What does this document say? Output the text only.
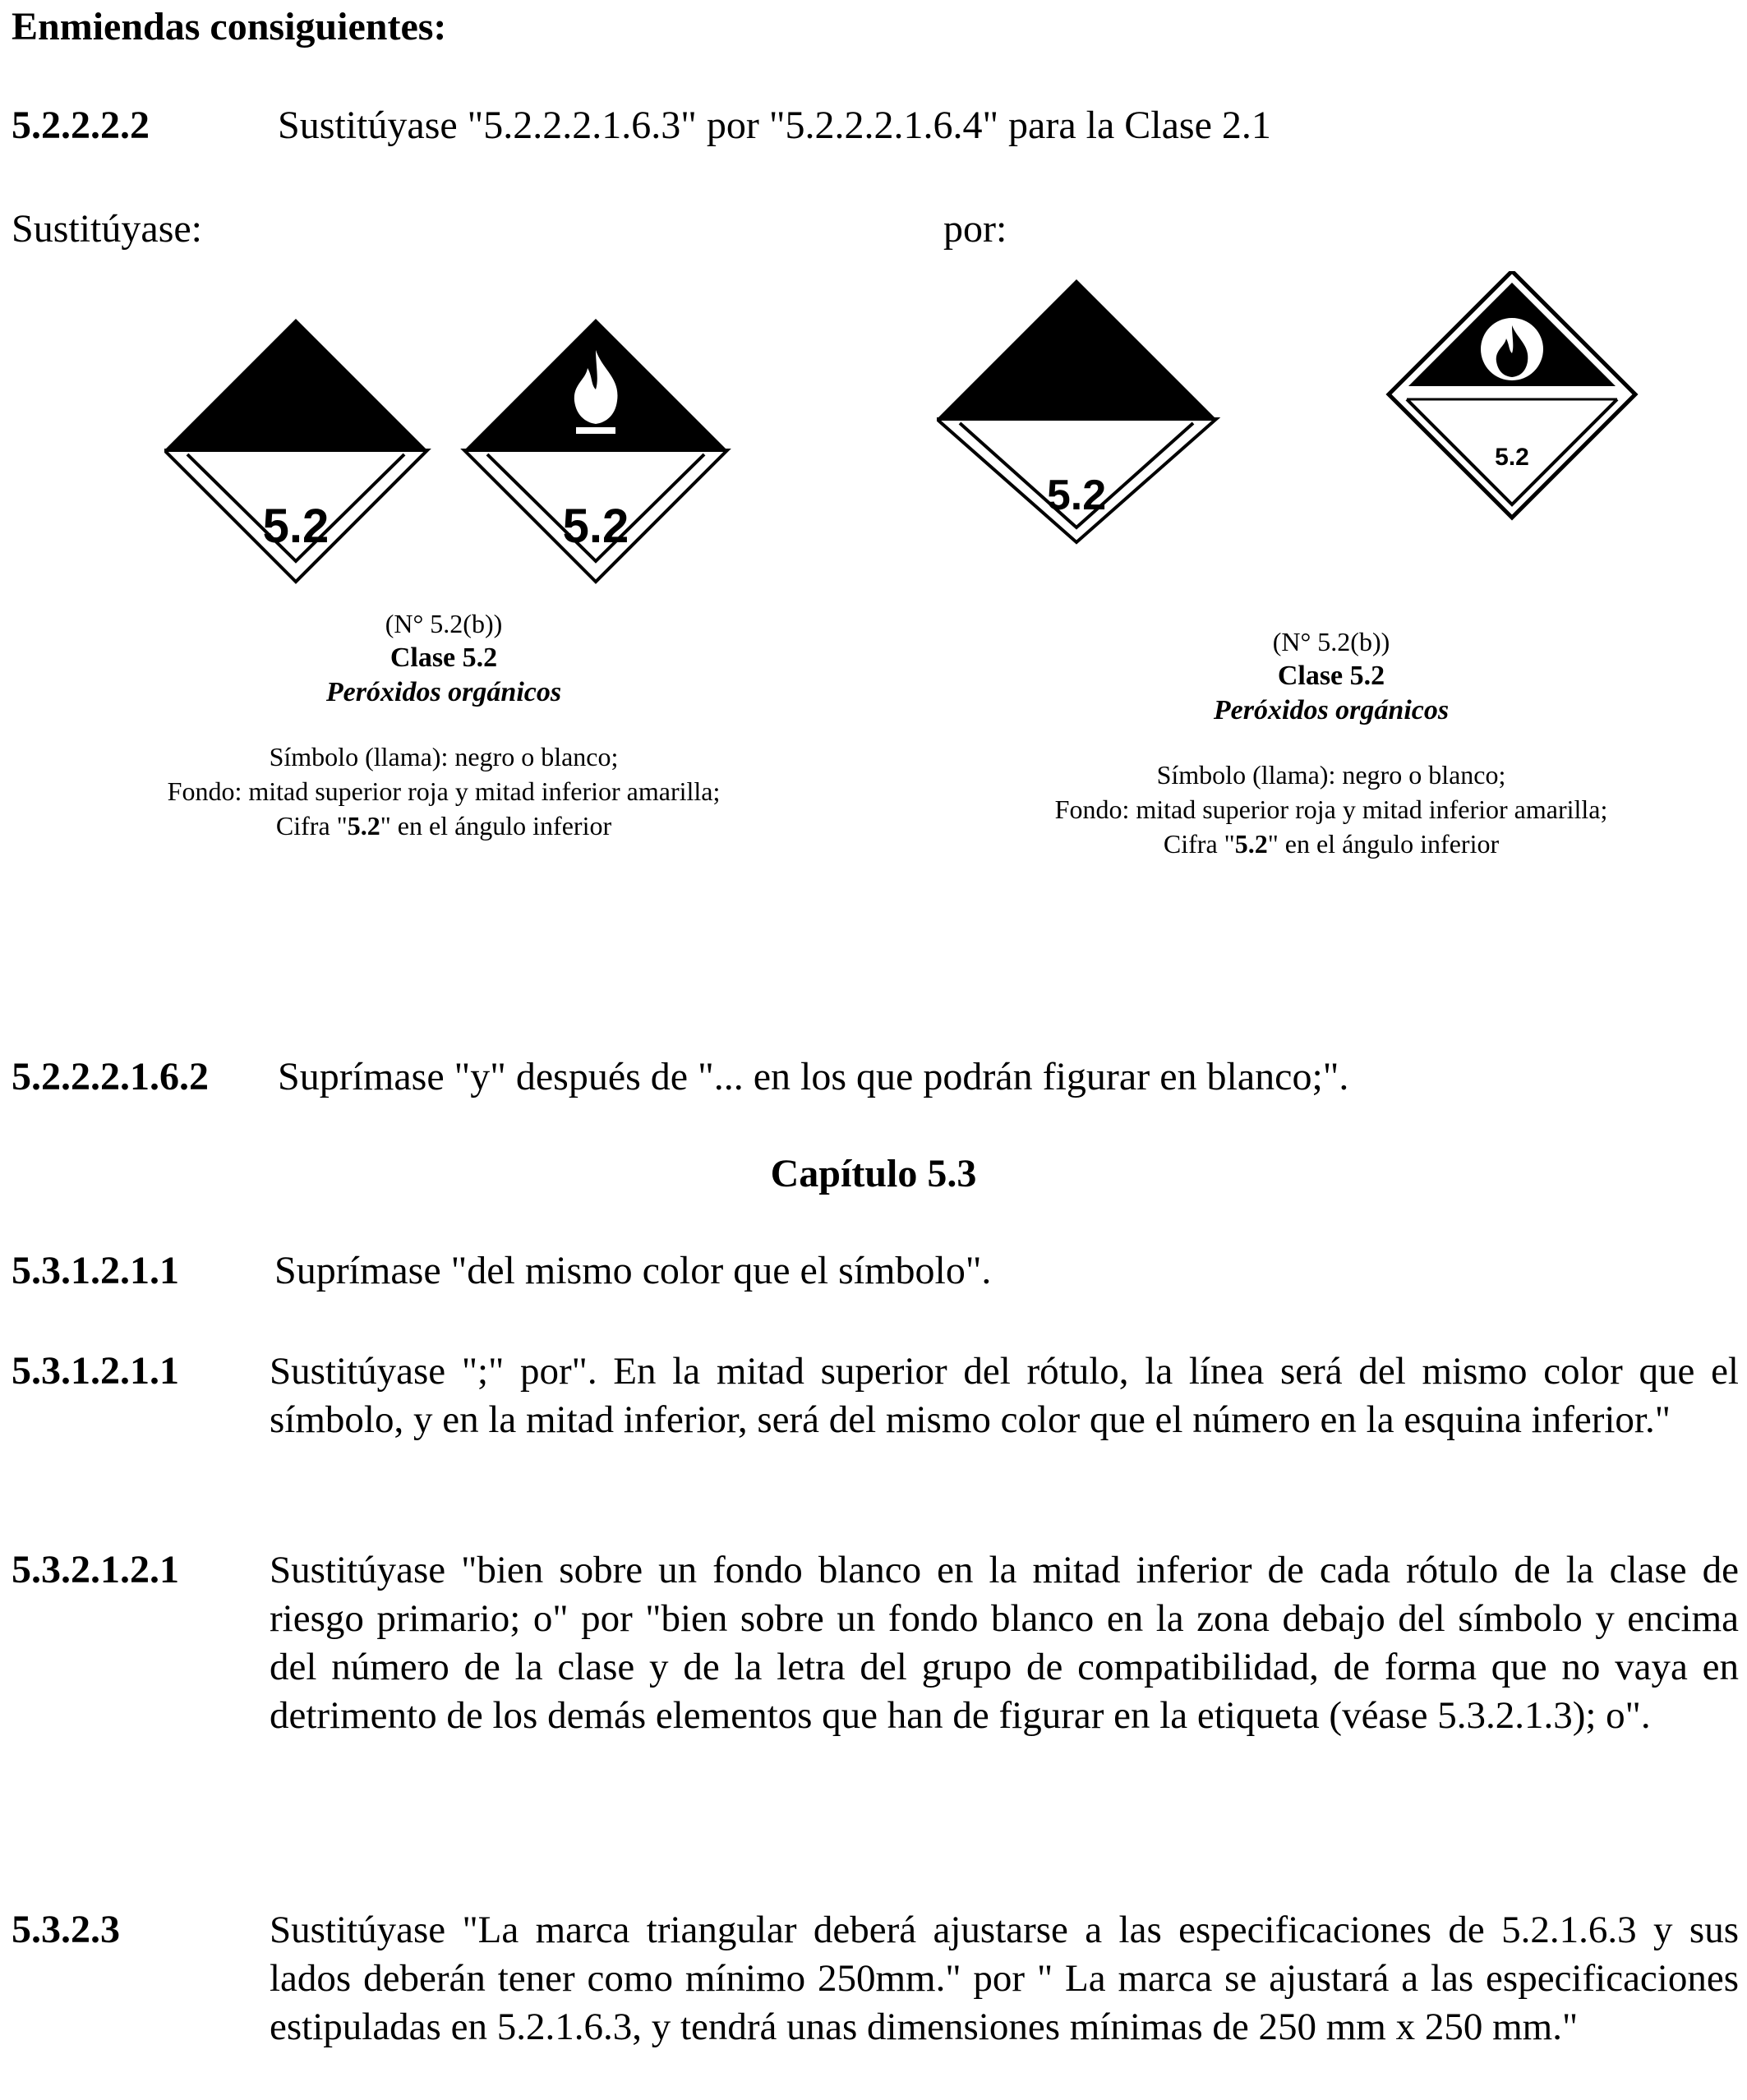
Enmiendas consiguientes:
5.2.2.2.2	Sustitúyase "5.2.2.2.1.6.3" por "5.2.2.2.1.6.4" para la Clase 2.1
Sustitúyase:	por:
5.2	5.2
(N° 5.2(b))
Clase 5.2
Peróxidos orgánicos
Símbolo (llama): negro o blanco;
Fondo: mitad superior roja y mitad inferior amarilla;
Cifra "5.2" en el ángulo inferior
5.2
5.2
(N° 5.2(b))
Clase 5.2
Peróxidos orgánicos
Símbolo (llama): negro o blanco;
Fondo: mitad superior roja y mitad inferior amarilla;
Cifra "5.2" en el ángulo inferior
5.2.2.2.1.6.2 Suprímase "y" después de "... en los que podrán figurar en blanco;".
Capítulo 5.3
5.3.1.2.1.1 Suprímase "del mismo color que el símbolo".
5.3.1.2.1.1 Sustitúyase ";" por". En la mitad superior del rótulo, la línea será del mismo color que el símbolo, y en la mitad inferior, será del mismo color que el número en la esquina inferior."
5.3.2.1.2.1 Sustitúyase "bien sobre un fondo blanco en la mitad inferior de cada rótulo de la clase de riesgo primario; o" por "bien sobre un fondo blanco en la zona debajo del símbolo y encima del número de la clase y de la letra del grupo de compatibilidad, de forma que no vaya en detrimento de los demás elementos que han de figurar en la etiqueta (véase 5.3.2.1.3); o".
5.3.2.3	Sustitúyase "La marca triangular deberá ajustarse a las especificaciones de 5.2.1.6.3 y sus lados deberán tener como mínimo 250mm." por " La marca se ajustará a las especificaciones estipuladas en 5.2.1.6.3, y tendrá unas dimensiones mínimas de 250 mm x 250 mm."
